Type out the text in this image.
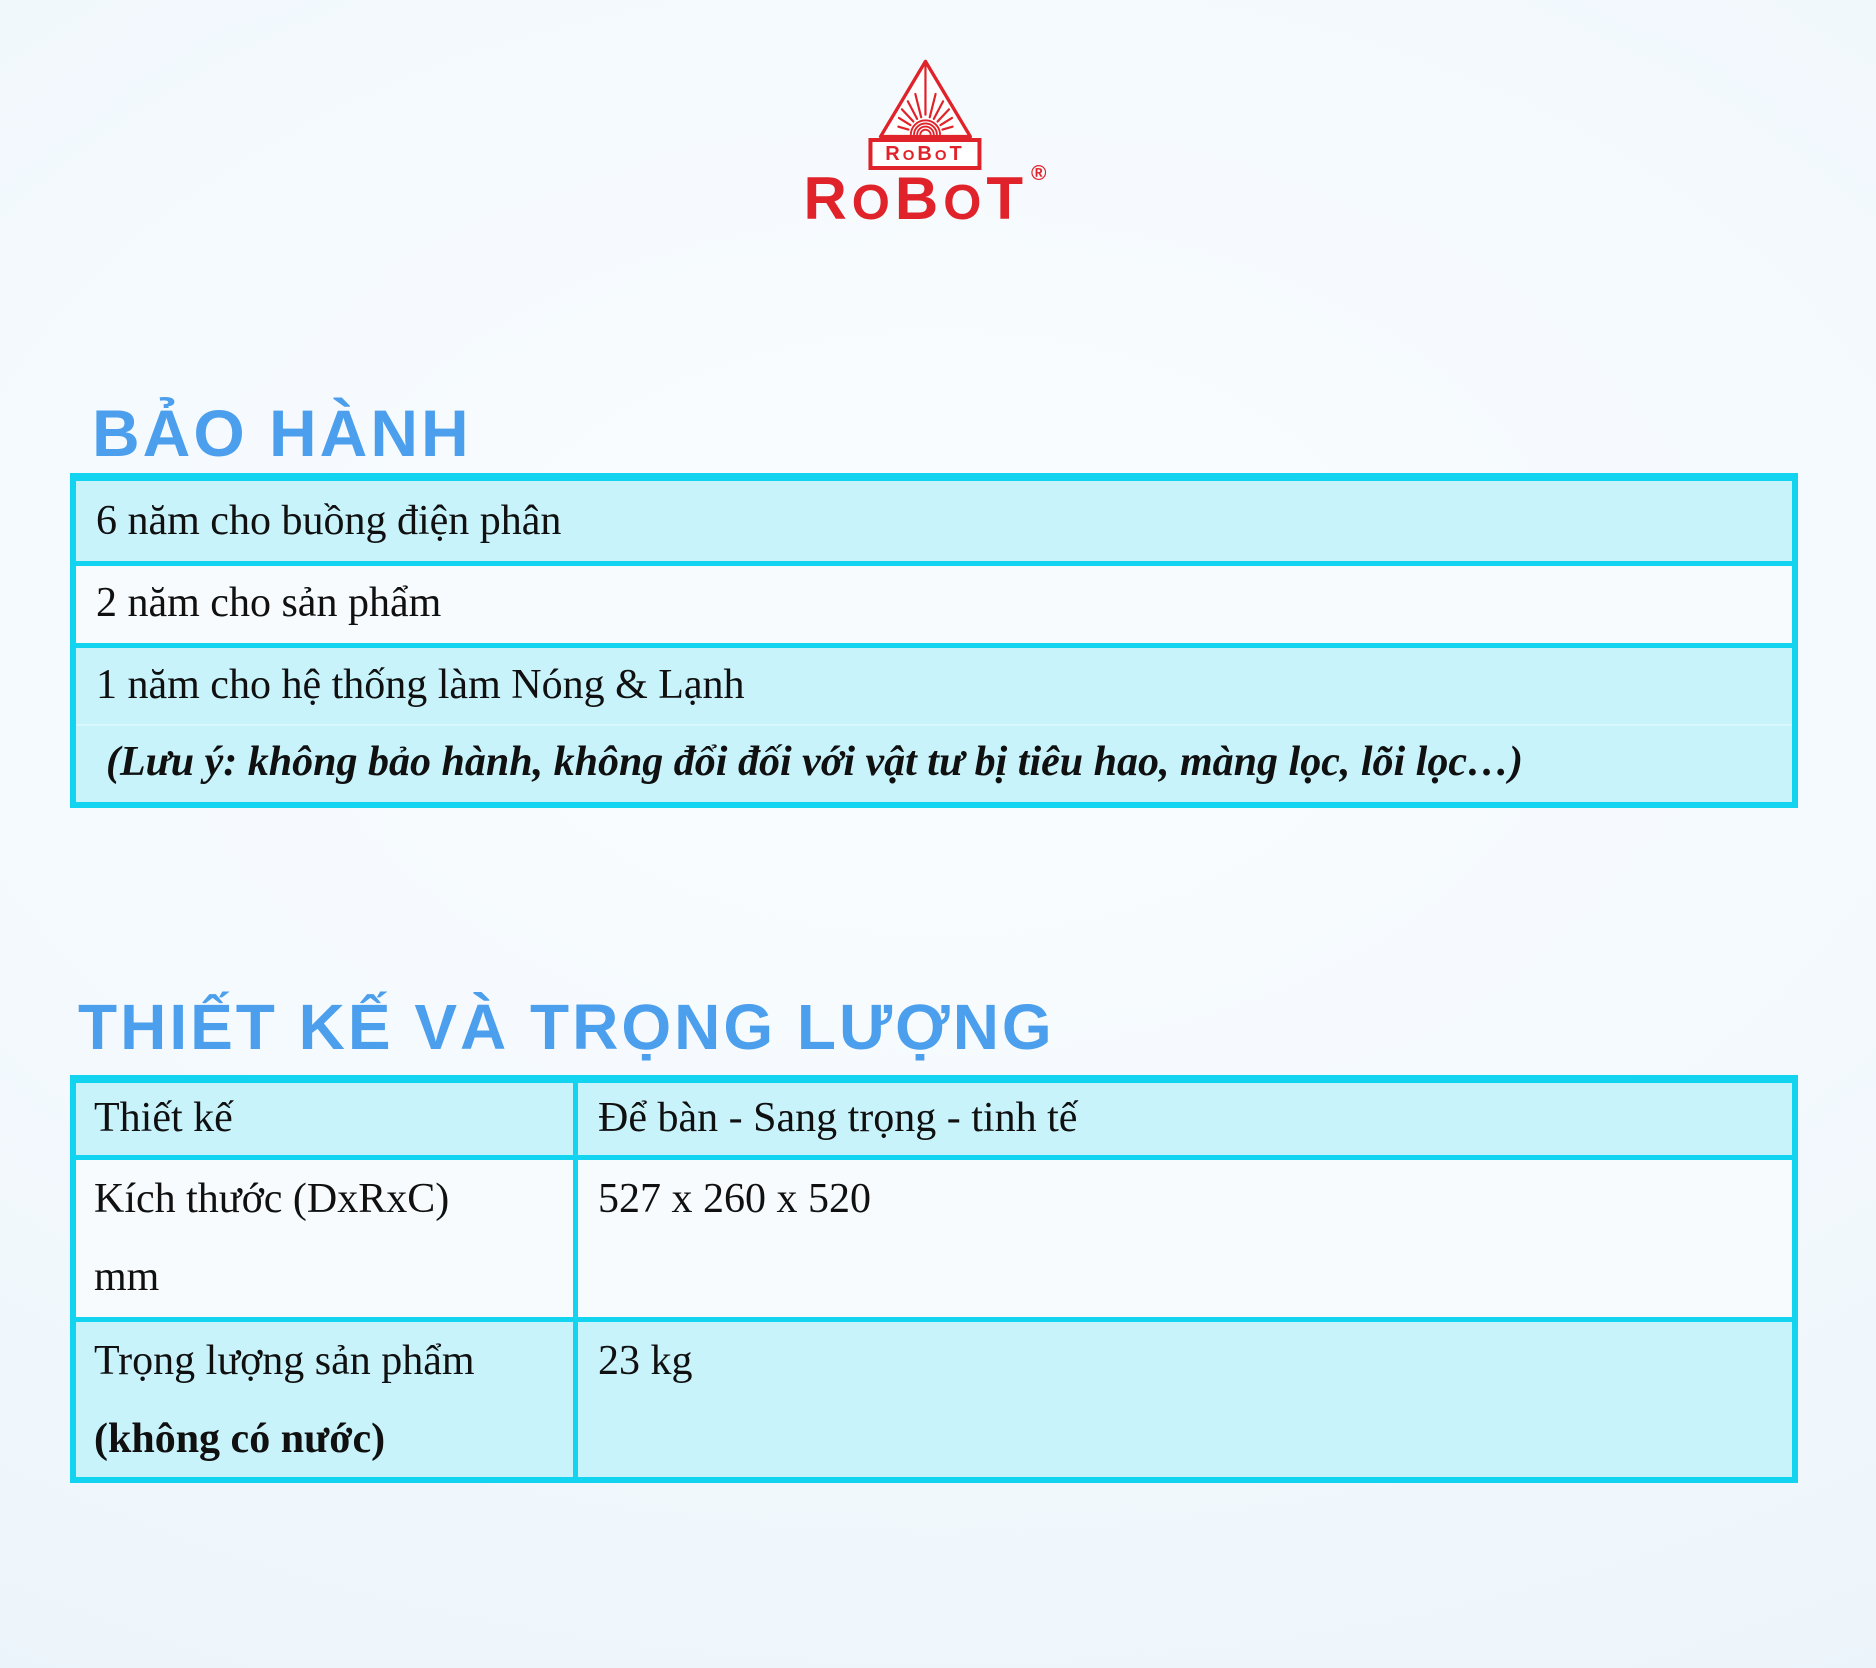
ROBOT
ROBOT ®
BẢO HÀNH
6 năm cho buồng điện phân
2 năm cho sản phẩm
1 năm cho hệ thống làm Nóng & Lạnh
(Lưu ý: không bảo hành, không đổi đối với vật tư bị tiêu hao, màng lọc, lõi lọc…)
THIẾT KẾ VÀ TRỌNG LƯỢNG
Thiết kế	Để bàn - Sang trọng - tinh tế
Kích thước (DxRxC)
mm
527 x 260 x 520
Trọng lượng sản phẩm
(không có nước)
23 kg
